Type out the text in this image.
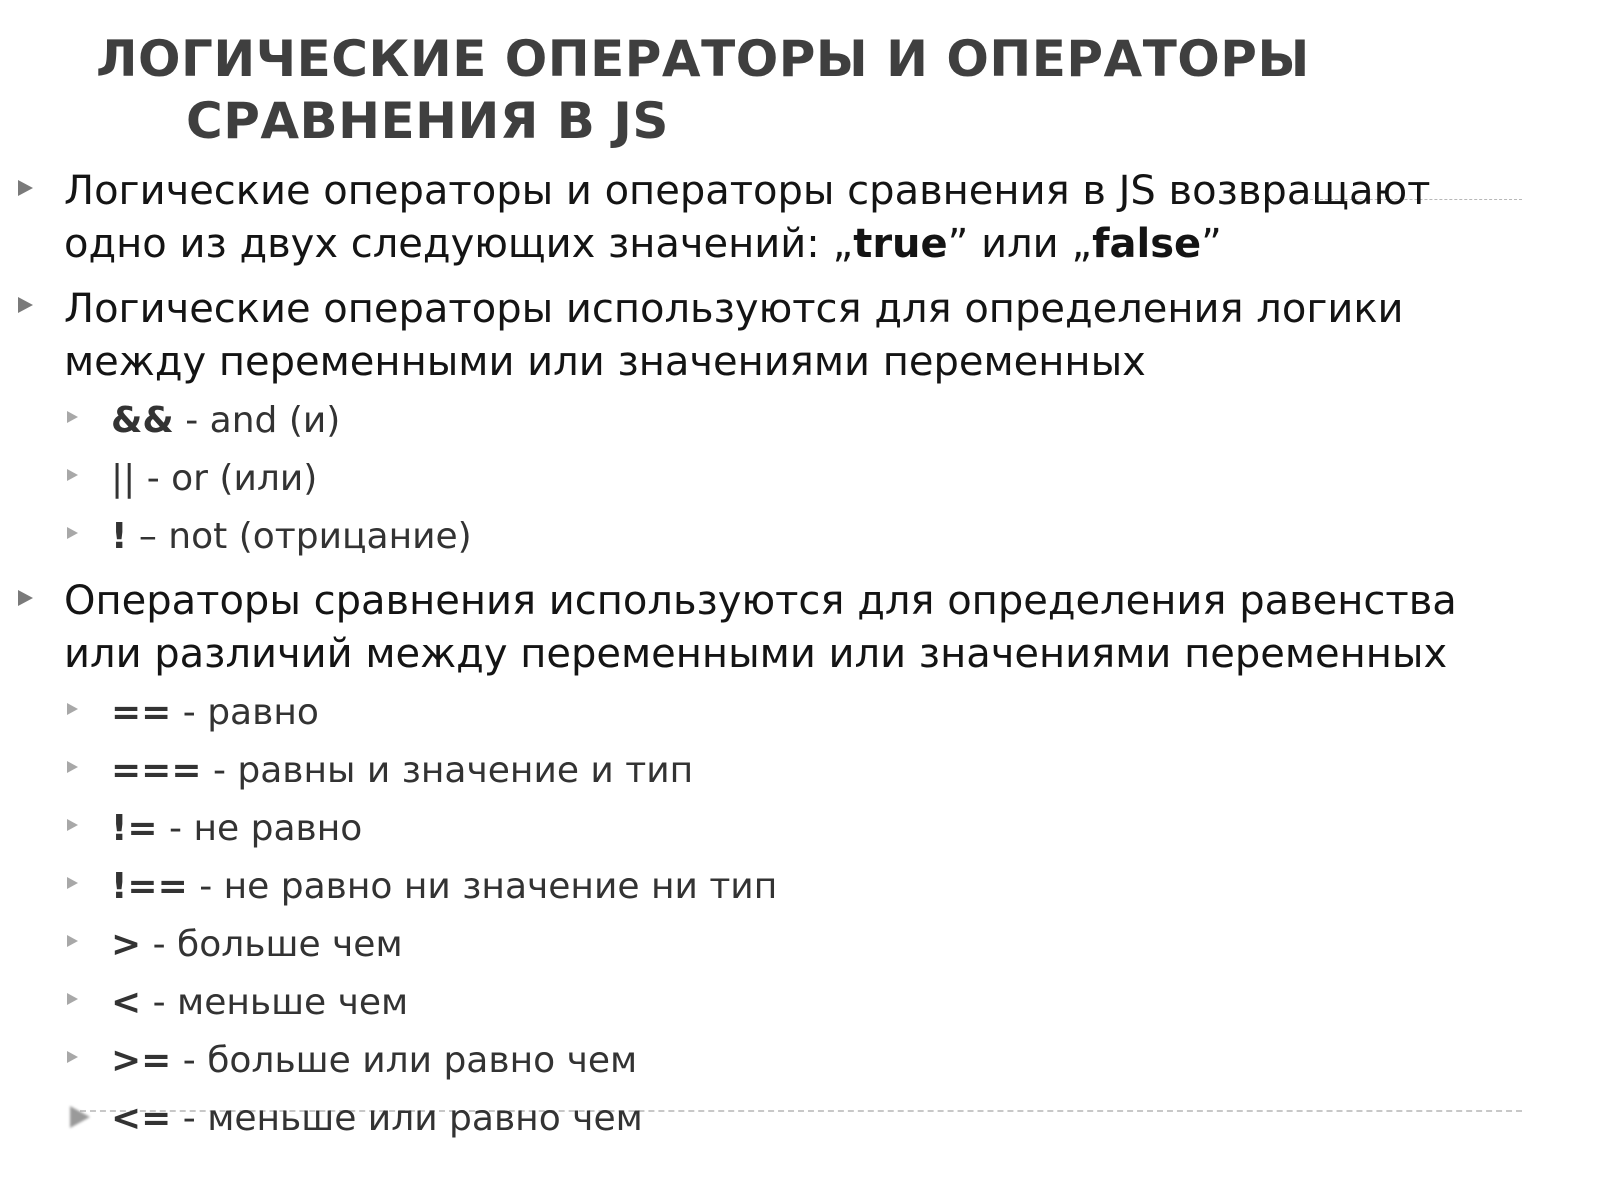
ЛОГИЧЕСКИЕ ОПЕРАТОРЫ И ОПЕРАТОРЫ
СРАВНЕНИЯ В JS
Логические операторы и операторы сравнения в JS возвращают
одно из двух следующих значений: „true” или „false”
Логические операторы используются для определения логики
между переменными или значениями переменных
&& - and (и)
|| - or (или)
! – not (отрицание)
Операторы сравнения используются для определения равенства
или различий между переменными или значениями переменных
== - равно
=== - равны и значение и тип
!= - не равно
!== - не равно ни значение ни тип
> - больше чем
< - меньше чем
>= - больше или равно чем
<= - меньше или равно чем
